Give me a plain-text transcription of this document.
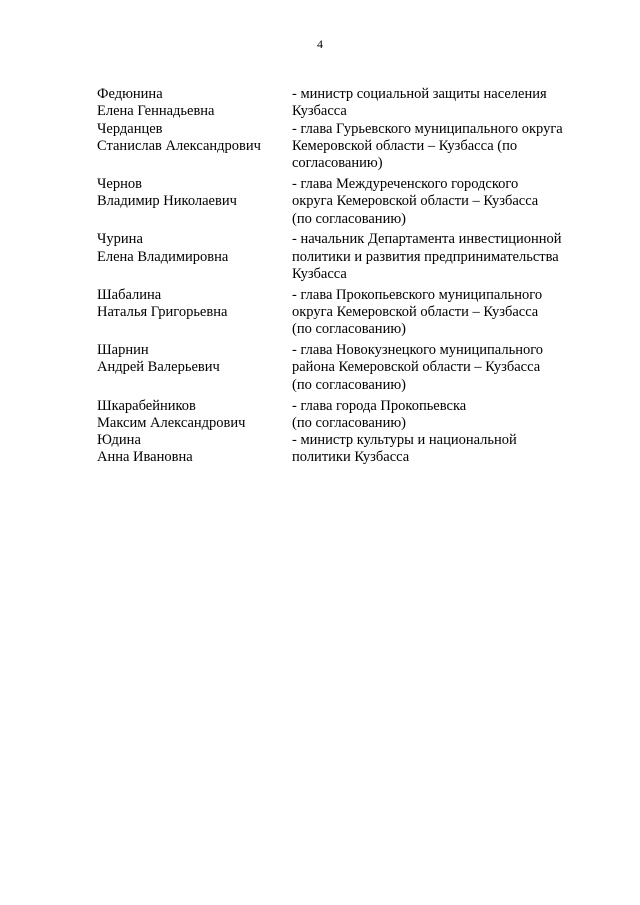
4
Федюнина
Елена Геннадьевна
- министр социальной защиты населения
Кузбасса
Черданцев
Станислав Александрович
- глава Гурьевского муниципального округа
Кемеровской области – Кузбасса (по
согласованию)
Чернов
Владимир Николаевич
- глава Междуреченского городского
округа Кемеровской области – Кузбасса
(по согласованию)
Чурина
Елена Владимировна
- начальник Департамента инвестиционной
политики и развития предпринимательства
Кузбасса
Шабалина
Наталья Григорьевна
- глава Прокопьевского муниципального
округа Кемеровской области – Кузбасса
(по согласованию)
Шарнин
Андрей Валерьевич
- глава Новокузнецкого муниципального
района Кемеровской области – Кузбасса
(по согласованию)
Шкарабейников
Максим Александрович
- глава города Прокопьевска
(по согласованию)
Юдина
Анна Ивановна
- министр культуры и национальной
политики Кузбасса
